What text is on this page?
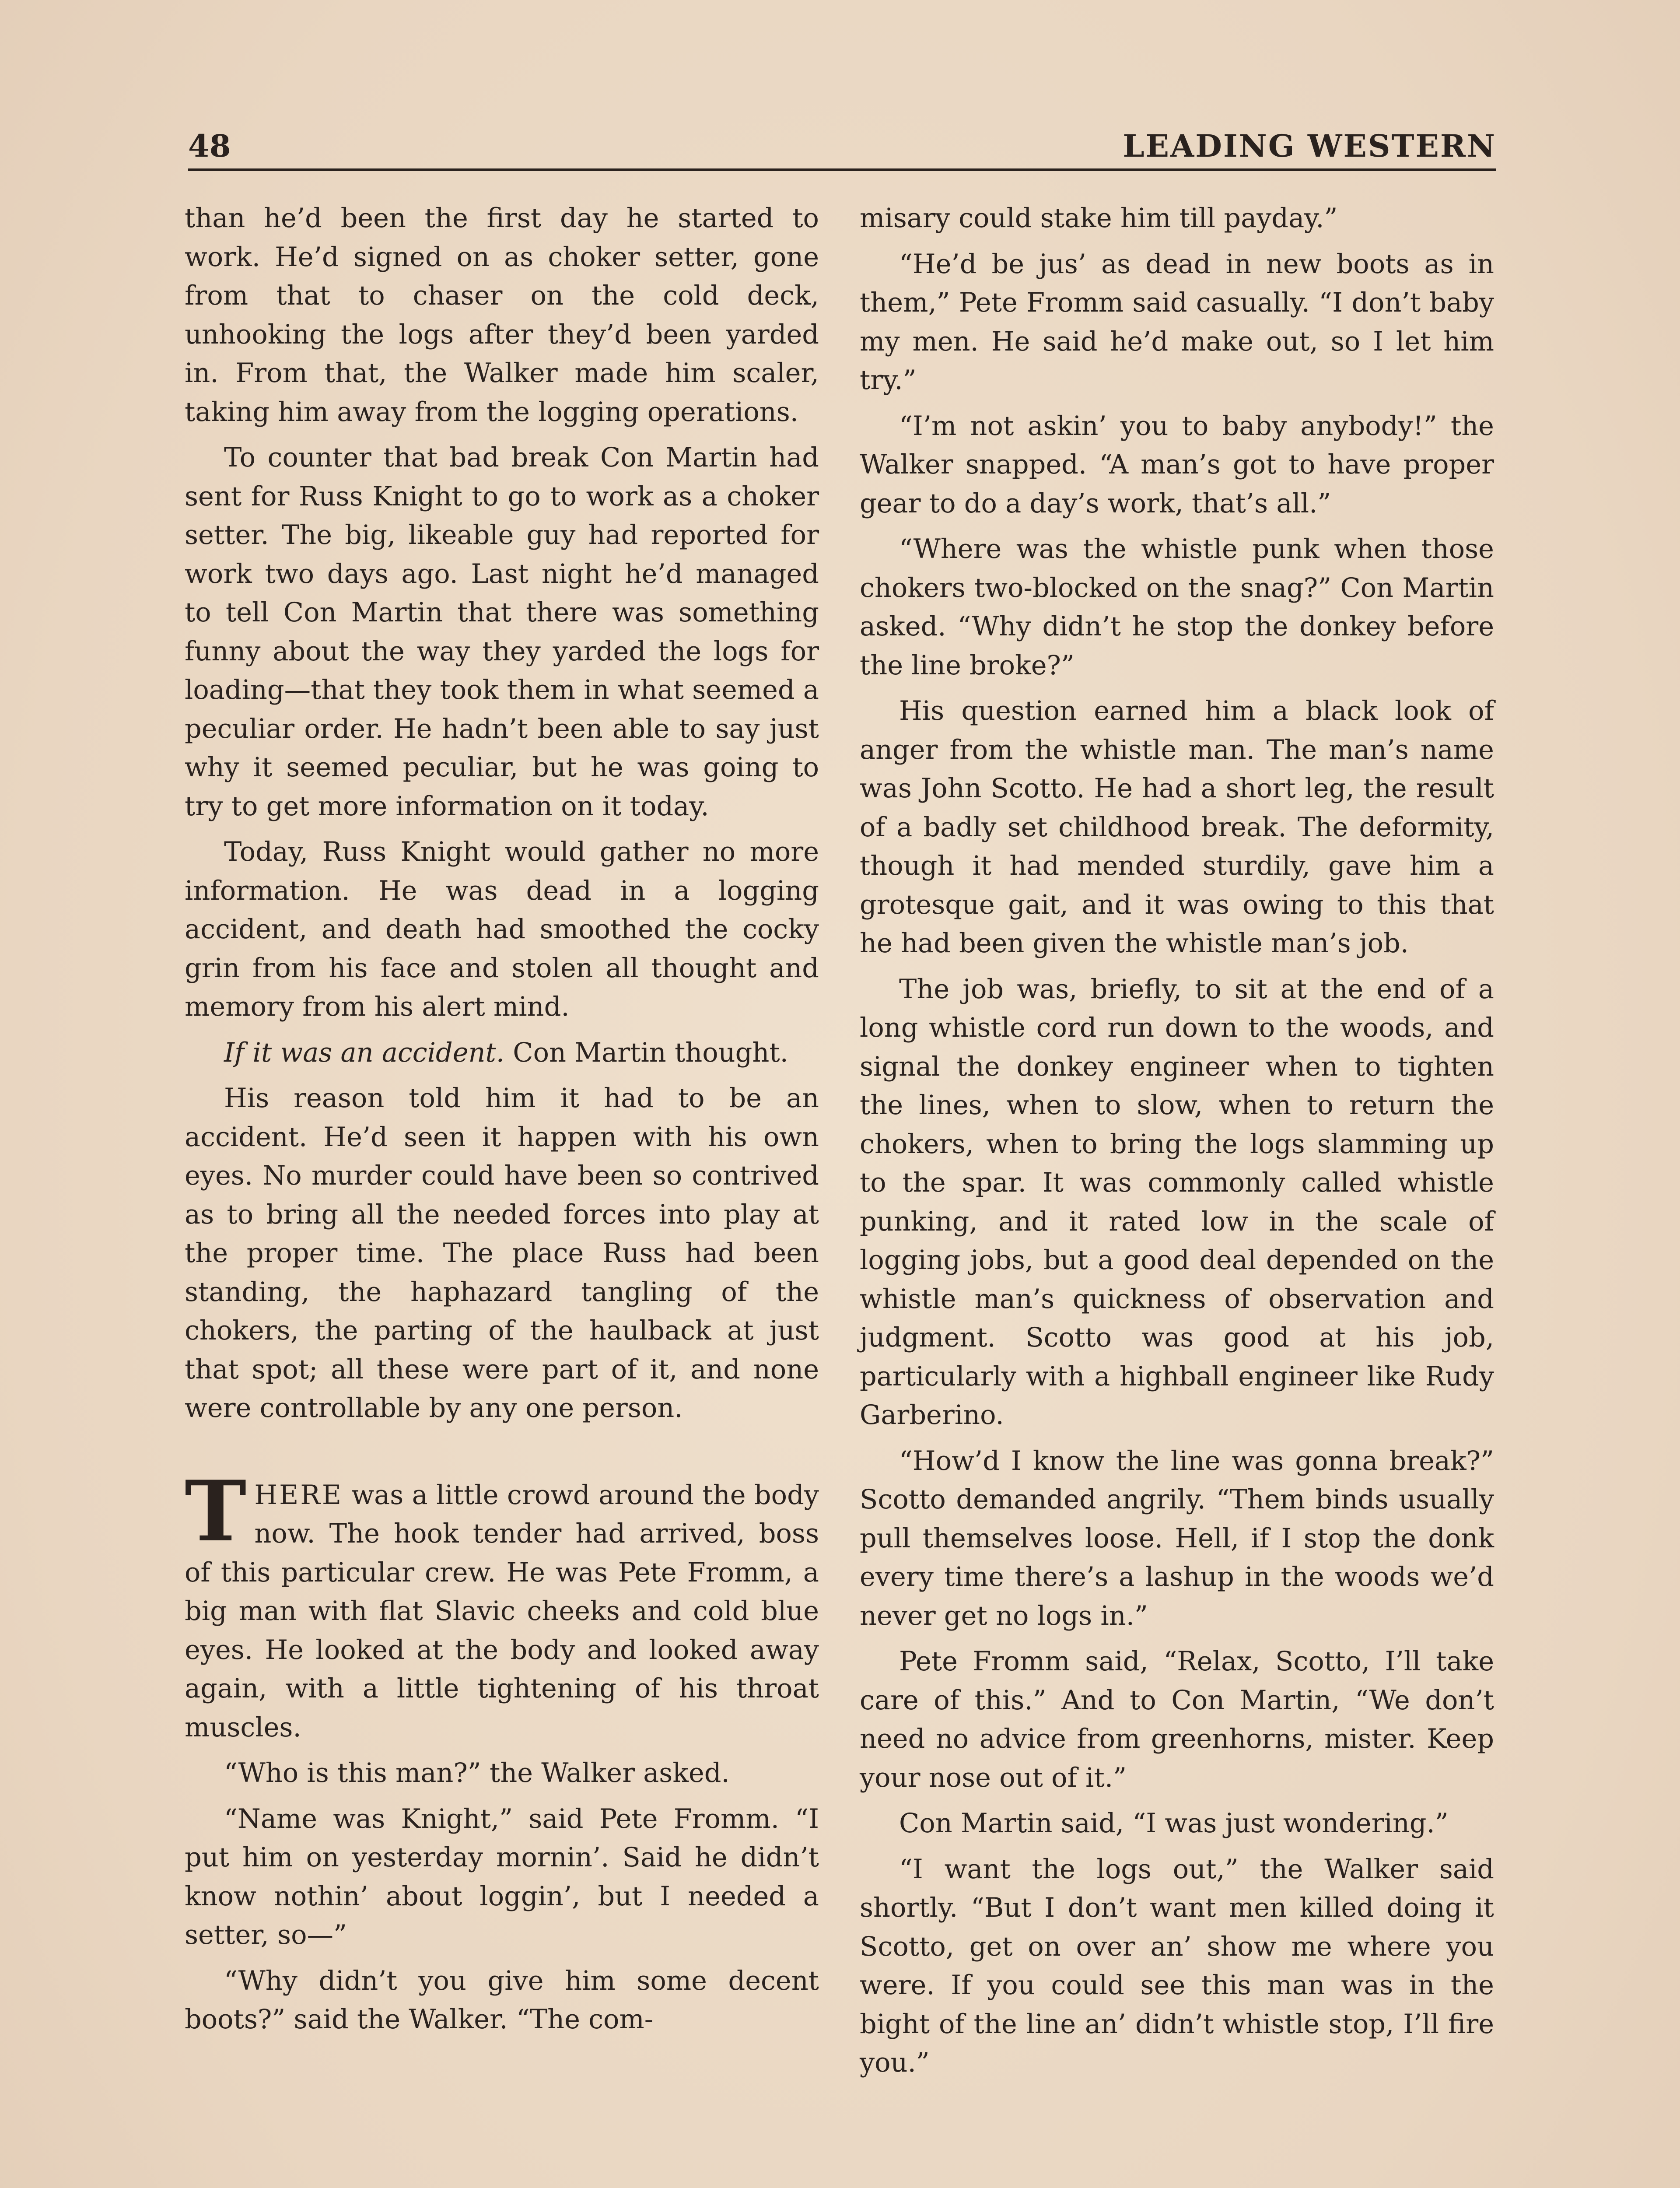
48	LEADING WESTERN

than he’d been the first day he started to work. He’d signed on as choker setter, gone from that to chaser on the cold deck, unhooking the logs after they’d been yarded in. From that, the Walker made him scaler, taking him away from the logging operations.

To counter that bad break Con Martin had sent for Russ Knight to go to work as a choker setter. The big, likeable guy had reported for work two days ago. Last night he’d managed to tell Con Martin that there was something funny about the way they yarded the logs for loading—that they took them in what seemed a peculiar order. He hadn’t been able to say just why it seemed peculiar, but he was going to try to get more information on it today.

Today, Russ Knight would gather no more information. He was dead in a logging accident, and death had smoothed the cocky grin from his face and stolen all thought and memory from his alert mind.

If it was an accident. Con Martin thought.

His reason told him it had to be an accident. He’d seen it happen with his own eyes. No murder could have been so contrived as to bring all the needed forces into play at the proper time. The place Russ had been standing, the haphazard tangling of the chokers, the parting of the haulback at just that spot; all these were part of it, and none were controllable by any one person.

THERE was a little crowd around the body now. The hook tender had arrived, boss of this particular crew. He was Pete Fromm, a big man with flat Slavic cheeks and cold blue eyes. He looked at the body and looked away again, with a little tightening of his throat muscles.

“Who is this man?” the Walker asked.

“Name was Knight,” said Pete Fromm. “I put him on yesterday mornin’. Said he didn’t know nothin’ about loggin’, but I needed a setter, so—”

“Why didn’t you give him some decent boots?” said the Walker. “The com-

misary could stake him till payday.”

“He’d be jus’ as dead in new boots as in them,” Pete Fromm said casually. “I don’t baby my men. He said he’d make out, so I let him try.”

“I’m not askin’ you to baby anybody!” the Walker snapped. “A man’s got to have proper gear to do a day’s work, that’s all.”

“Where was the whistle punk when those chokers two-blocked on the snag?” Con Martin asked. “Why didn’t he stop the donkey before the line broke?”

His question earned him a black look of anger from the whistle man. The man’s name was John Scotto. He had a short leg, the result of a badly set childhood break. The deformity, though it had mended sturdily, gave him a grotesque gait, and it was owing to this that he had been given the whistle man’s job.

The job was, briefly, to sit at the end of a long whistle cord run down to the woods, and signal the donkey engineer when to tighten the lines, when to slow, when to return the chokers, when to bring the logs slamming up to the spar. It was commonly called whistle punking, and it rated low in the scale of logging jobs, but a good deal depended on the whistle man’s quickness of observation and judgment. Scotto was good at his job, particularly with a highball engineer like Rudy Garberino.

“How’d I know the line was gonna break?” Scotto demanded angrily. “Them binds usually pull themselves loose. Hell, if I stop the donk every time there’s a lashup in the woods we’d never get no logs in.”

Pete Fromm said, “Relax, Scotto, I’ll take care of this.” And to Con Martin, “We don’t need no advice from greenhorns, mister. Keep your nose out of it.”

Con Martin said, “I was just wondering.”

“I want the logs out,” the Walker said shortly. “But I don’t want men killed doing it Scotto, get on over an’ show me where you were. If you could see this man was in the bight of the line an’ didn’t whistle stop, I’ll fire you.”
